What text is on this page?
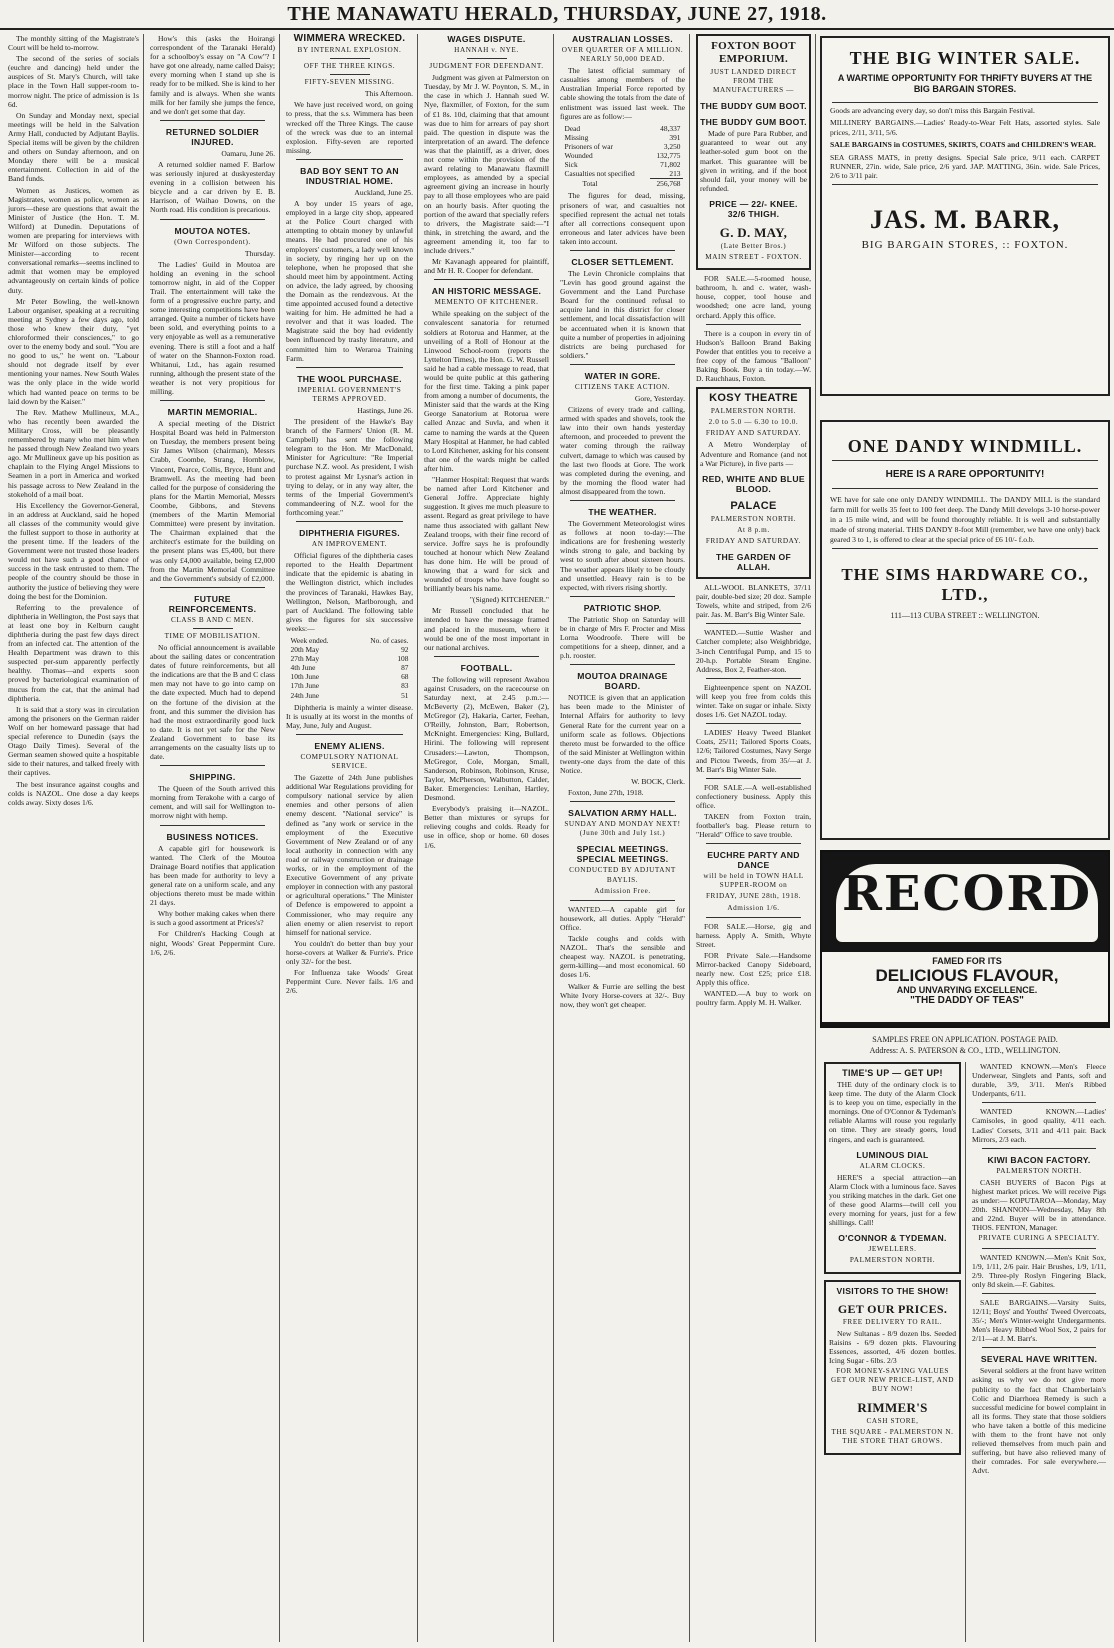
THE MANAWATU HERALD, THURSDAY, JUNE 27, 1918.

The monthly sitting of the Magistrate's Court will be held to-morrow.

The second of the series of socials (euchre and dancing) held under the auspices of St. Mary's Church, will take place in the Town Hall supper-room to-morrow night. The price of admission is 1s 6d.

On Sunday and Monday next, special meetings will be held in the Salvation Army Hall, conducted by Adjutant Baylis. Special items will be given by the children and others on Sunday afternoon, and on Monday there will be a musical entertainment. Collection in aid of the Band funds.

Women as Justices, women as Magistrates, women as police, women as jurors—these are questions that await the Minister of Justice (the Hon. T. M. Wilford) at Dunedin. Deputations of women are preparing for interviews with Mr Wilford on those subjects. The Minister—according to recent conversational remarks—seems inclined to admit that women may be employed advantageously on certain kinds of police duty.

Mr Peter Bowling, the well-known Labour organiser, speaking at a recruiting meeting at Sydney a few days ago, told those who knew their duty, "yet chloroformed their consciences," to go over to the enemy body and soul. "You are no good to us," he went on. "Labour should not degrade itself by ever mentioning your names. New South Wales was the only place in the wide world which had wanted peace on terms to be laid down by the Kaiser."

The Rev. Mathew Mullineux, M.A., who has recently been awarded the Military Cross, will be pleasantly remembered by many who met him when he passed through New Zealand two years ago. Mr Mullineux gave up his position as chaplain to the Flying Angel Missions to Seamen in a port in America and worked his passage across to New Zealand in the stokehold of a mail boat.

His Excellency the Governor-General, in an address at Auckland, said he hoped all classes of the community would give the fullest support to those in authority at the present time. If the leaders of the Government were not trusted those leaders would not have such a good chance of success in the task entrusted to them. The people of the country should be those in authority the justice of believing they were doing the best for the Dominion.

Referring to the prevalence of diphtheria in Wellington, the Post says that at least one boy in Kelburn caught diphtheria during the past few days direct from an infected cat. The attention of the Health Department was drawn to this suspected per-sum apparently perfectly healthy. Thomas—and experts soon proved by bacteriological examination of mucus from the cat, that the animal had diphtheria.

It is said that a story was in circulation among the prisoners on the German raider Wolf on her homeward passage that had special reference to Dunedin (says the Otago Daily Times). Several of the German seamen showed quite a hospitable side to their natures, and talked freely with their captives.

The best insurance against coughs and colds is NAZOL. One dose a day keeps colds away. Sixty doses 1/6.

How's this (asks the Hoirangi correspondent of the Taranaki Herald) for a schoolboy's essay on "A Cow"? I have got one already, name called Daisy; every morning when I stand up she is ready for to be milked. She is kind to her family and is always. When she wants milk for her family she jumps the fence, and we don't get some that day.

RETURNED SOLDIER INJURED.

Oamaru, June 26.

A returned soldier named F. Barlow was seriously injured at duskyesterday evening in a collision between his bicycle and a car driven by E. B. Harrison, of Waihao Downs, on the North road. His condition is precarious.

MOUTOA NOTES.
(Own Correspondent).

Thursday.

The Ladies' Guild in Moutoa are holding an evening in the school tomorrow night, in aid of the Copper Trail. The entertainment will take the form of a progressive euchre party, and some interesting competitions have been arranged. Quite a number of tickets have been sold, and everything points to a very enjoyable as well as a remunerative evening. There is still a foot and a half of water on the Shannon-Foxton road. Whitanui, Ltd., has again resumed running, although the present state of the weather is not very propitious for milling.

MARTIN MEMORIAL.

A special meeting of the District Hospital Board was held in Palmerston on Tuesday, the members present being Sir James Wilson (chairman), Messrs Crabb, Coombe, Strang, Hornblow, Vincent, Pearce, Collis, Bryce, Hunt and Bramwell. As the meeting had been called for the purpose of considering the plans for the Martin Memorial, Messrs Coombe, Gibbons, and Stevens (members of the Martin Memorial Committee) were present by invitation. The Chairman explained that the architect's estimate for the building on the present plans was £5,400, but there was only £4,000 available, being £2,000 from the Martin Memorial Committee and the Government's subsidy of £2,000.

FUTURE REINFORCEMENTS.
CLASS B AND C MEN.
TIME OF MOBILISATION.

No official announcement is available about the sailing dates or concentration dates of future reinforcements, but all the indications are that the B and C class men may not have to go into camp on the date expected. Much had to depend on the fortune of the division at the front, and this summer the division has had the most extraordinarily good luck to date. It is not yet safe for the New Zealand Government to base its arrangements on the casualty lists up to date.

SHIPPING.

The Queen of the South arrived this morning from Terakohe with a cargo of cement, and will sail for Wellington to-morrow night with hemp.

BUSINESS NOTICES.

A capable girl for housework is wanted. The Clerk of the Moutoa Drainage Board notifies that application has been made for authority to levy a general rate on a uniform scale, and any objections thereto must be made within 21 days.

Why bother making cakes when there is such a good assortment at Prices's?

For Children's Hacking Cough at night, Woods' Great Peppermint Cure. 1/6, 2/6.

WIMMERA WRECKED.
BY INTERNAL EXPLOSION.
OFF THE THREE KINGS.
FIFTY-SEVEN MISSING.

This Afternoon.

We have just received word, on going to press, that the s.s. Wimmera has been wrecked off the Three Kings. The cause of the wreck was due to an internal explosion. Fifty-seven are reported missing.

BAD BOY SENT TO AN INDUSTRIAL HOME.

Auckland, June 25.

A boy under 15 years of age, employed in a large city shop, appeared at the Police Court charged with attempting to obtain money by unlawful means. He had procured one of his employers' customers, a lady well known in society, by ringing her up on the telephone, when he proposed that she should meet him by appointment. Acting on advice, the lady agreed, by choosing the Domain as the rendezvous. At the time appointed accused found a detective waiting for him. He admitted he had a revolver and that it was loaded. The Magistrate said the boy had evidently been influenced by trashy literature, and committed him to Weraroa Training Farm.

THE WOOL PURCHASE.
IMPERIAL GOVERNMENT'S TERMS APPROVED.

Hastings, June 26.

The president of the Hawke's Bay branch of the Farmers' Union (R. M. Campbell) has sent the following telegram to the Hon. Mr MacDonald, Minister for Agriculture: "Re Imperial purchase N.Z. wool. As president, I wish to protest against Mr Lysnar's action in trying to delay, or in any way alter, the terms of the Imperial Government's commandeering of N.Z. wool for the forthcoming year."

DIPHTHERIA FIGURES.
AN IMPROVEMENT.

Official figures of the diphtheria cases reported to the Health Department indicate that the epidemic is abating in the Wellington district, which includes the provinces of Taranaki, Hawkes Bay, Wellington, Nelson, Marlborough, and part of Auckland. The following table gives the figures for six successive weeks:—

Week ended.	No. of cases.
20th May	92
27th May	108
4th June	87
10th June	68
17th June	83
24th June	51

Diphtheria is mainly a winter disease. It is usually at its worst in the months of May, June, July and August.

ENEMY ALIENS.
COMPULSORY NATIONAL SERVICE.

The Gazette of 24th June publishes additional War Regulations providing for compulsory national service by alien enemies and other persons of alien enemy descent. "National service" is defined as "any work or service in the employment of the Executive Government of New Zealand or of any local authority in connection with any road or railway construction or drainage works, or in the employment of the Executive Government of any private employer in connection with any pastoral or agricultural operations." The Minister of Defence is empowered to appoint a Commissioner, who may require any alien enemy or alien reservist to report himself for national service.

You couldn't do better than buy your horse-covers at Walker & Furrie's. Price only 32/- for the best.

For Influenza take Woods' Great Peppermint Cure. Never fails. 1/6 and 2/6.

WAGES DISPUTE.
HANNAH v. NYE.
JUDGMENT FOR DEFENDANT.

Judgment was given at Palmerston on Tuesday, by Mr J. W. Poynton, S. M., in the case in which J. Hannah sued W. Nye, flaxmiller, of Foxton, for the sum of £1 8s. 10d, claiming that that amount was due to him for arrears of pay short paid. The question in dispute was the interpretation of an award. The defence was that the plaintiff, as a driver, does not come within the provision of the award relating to Manawatu flaxmill employees, as amended by a special agreement giving an increase in hourly pay to all those employees who are paid on an hourly basis. After quoting the portion of the award that specially refers to drivers, the Magistrate said:—"I think, in stretching the award, and the agreement amending it, too far to include drivers."

Mr Kavanagh appeared for plaintiff, and Mr H. R. Cooper for defendant.

AN HISTORIC MESSAGE.
MEMENTO OF KITCHENER.

While speaking on the subject of the convalescent sanatoria for returned soldiers at Rotorua and Hanmer, at the unveiling of a Roll of Honour at the Linwood School-room (reports the Lyttelton Times), the Hon. G. W. Russell said he had a cable message to read, that would be quite public at this gathering for the first time. Taking a pink paper from among a number of documents, the Minister said that the wards at the King George Sanatorium at Rotorua were called Anzac and Suvla, and when it came to naming the wards at the Queen Mary Hospital at Hanmer, he had cabled to Lord Kitchener, asking for his consent that one of the wards might be called after him.

"Hanmer Hospital: Request that wards be named after Lord Kitchener and General Joffre. Appreciate highly suggestion. It gives me much pleasure to assent. Regard as great privilege to have name thus associated with gallant New Zealand troops, with their fine record of service. Joffre says he is profoundly touched at honour which New Zealand has done him. He will be proud of knowing that a ward for sick and wounded of troops who have fought so brilliantly bears his name.

"(Signed) KITCHENER."

Mr Russell concluded that he intended to have the message framed and placed in the museum, where it would be one of the most important in our national archives.

FOOTBALL.

The following will represent Awahou against Crusaders, on the racecourse on Saturday next, at 2.45 p.m.:—McBeverty (2), McEwen, Baker (2), McGregor (2), Hakaria, Carter, Feehan, O'Reilly, Johnston, Barr, Robertson, McKnight. Emergencies: King, Bullard, Hirini. The following will represent Crusaders:—Lawton, Thompson, McGregor, Cole, Morgan, Small, Sanderson, Robinson, Robinson, Kruse, Taylor, McPherson, Walbutton, Calder, Baker. Emergencies: Lenihan, Hartley, Desmond.

Everybody's praising it—NAZOL. Better than mixtures or syrups for relieving coughs and colds. Ready for use in office, shop or home. 60 doses 1/6.

AUSTRALIAN LOSSES.
OVER QUARTER OF A MILLION. NEARLY 50,000 DEAD.

The latest official summary of casualties among members of the Australian Imperial Force reported by cable showing the totals from the date of enlistment was issued last week. The figures are as follow:—

Dead	48,337
Missing	391
Prisoners of war	3,250
Wounded	132,775
Sick	71,802
Casualties not specified	213
Total	256,768

The figures for dead, missing, prisoners of war, and casualties not specified represent the actual net totals after all corrections consequent upon erroneous and later advices have been taken into account.

CLOSER SETTLEMENT.

The Levin Chronicle complains that "Levin has good ground against the Government and the Land Purchase Board for the continued refusal to acquire land in this district for closer settlement, and local dissatisfaction will be accentuated when it is known that quite a number of properties in adjoining districts are being purchased for soldiers."

WATER IN GORE.
CITIZENS TAKE ACTION.

Gore, Yesterday.

Citizens of every trade and calling, armed with spades and shovels, took the law into their own hands yesterday afternoon, and proceeded to prevent the water coming through the railway culvert, damage to which was caused by the last two floods at Gore. The work was completed during the evening, and by the morning the flood water had almost disappeared from the town.

THE WEATHER.

The Government Meteorologist wires as follows at noon to-day:—The indications are for freshening westerly winds strong to gale, and backing by west to south after about sixteen hours. The weather appears likely to be cloudy and unsettled. Heavy rain is to be expected, with rivers rising shortly.

PATRIOTIC SHOP.

The Patriotic Shop on Saturday will be in charge of Mrs F. Procter and Miss Lorna Woodroofe. There will be competitions for a sheep, dinner, and a p.h. rooster.

MOUTOA DRAINAGE BOARD.

NOTICE is given that an application has been made to the Minister of Internal Affairs for authority to levy General Rate for the current year on a uniform scale as follows. Objections thereto must be forwarded to the office of the said Minister at Wellington within twenty-one days from the date of this Notice.

W. BOCK, Clerk.

Foxton, June 27th, 1918.

SALVATION ARMY HALL.
SUNDAY AND MONDAY NEXT! (June 30th and July 1st.)
SPECIAL MEETINGS. SPECIAL MEETINGS.
CONDUCTED BY ADJUTANT BAYLIS.
Admission Free.

WANTED.—A capable girl for housework, all duties. Apply "Herald" Office.

Tackle coughs and colds with NAZOL. That's the sensible and cheapest way. NAZOL is penetrating, germ-killing—and most economical. 60 doses 1/6.

Walker & Furrie are selling the best White Ivory Horse-covers at 32/-. Buy now, they won't get cheaper.

FOXTON BOOT EMPORIUM.
JUST LANDED DIRECT FROM THE MANUFACTURERS —
THE BUDDY GUM BOOT.
THE BUDDY GUM BOOT.

Made of pure Para Rubber, and guaranteed to wear out any leather-soled gum boot on the market. This guarantee will be given in writing, and if the boot should fail, your money will be refunded.

PRICE — 22/- KNEE. 32/6 THIGH.
G. D. MAY,
(Late Better Bros.)
MAIN STREET - FOXTON.

FOR SALE.—5-roomed house, bathroom, h. and c. water, wash-house, copper, tool house and woodshed; one acre land, young orchard. Apply this office.

There is a coupon in every tin of Hudson's Balloon Brand Baking Powder that entitles you to receive a free copy of the famous "Balloon" Baking Book. Buy a tin today.—W. D. Rauchhaus, Foxton.

KOSY THEATRE
PALMERSTON NORTH.
2.0 to 5.0 — 6.30 to 10.0.
FRIDAY AND SATURDAY.

A Metro Wonderplay of Adventure and Romance (and not a War Picture), in five parts —

RED, WHITE AND BLUE BLOOD.
PALACE
PALMERSTON NORTH.
At 8 p.m.
FRIDAY AND SATURDAY.
THE GARDEN OF ALLAH.

ALL-WOOL BLANKETS, 37/11 pair, double-bed size; 20 doz. Sample Towels, white and striped, from 2/6 pair. Jas. M. Barr's Big Winter Sale.

WANTED.—Suttie Washer and Catcher complete; also Weighbridge, 3-inch Centrifugal Pump, and 15 to 20-h.p. Portable Steam Engine. Address, Box 2, Feather-ston.

Eighteenpence spent on NAZOL will keep you free from colds this winter. Take on sugar or inhale. Sixty doses 1/6. Get NAZOL today.

LADIES' Heavy Tweed Blanket Coats, 25/11; Tailored Sports Coats, 12/6; Tailored Costumes, Navy Serge and Pictou Tweeds, from 35/—at J. M. Barr's Big Winter Sale.

FOR SALE.—A well-established confectionery business. Apply this office.

TAKEN from Foxton train, footballer's bag. Please return to "Herald" Office to save trouble.

EUCHRE PARTY AND DANCE
will be held in TOWN HALL SUPPER-ROOM on
FRIDAY, JUNE 28th, 1918.
Admission 1/6.

FOR SALE.—Horse, gig and harness. Apply A. Smith, Whyte Street.

FOR Private Sale.—Handsome Mirror-backed Canopy Sideboard, nearly new. Cost £25; price £18. Apply this office.

WANTED.—A buy to work on poultry farm. Apply M. H. Walker.

THE BIG WINTER SALE.
A WARTIME OPPORTUNITY FOR THRIFTY BUYERS AT THE BIG BARGAIN STORES.
Goods are advancing every day, so don't miss this Bargain Festival.
MILLINERY BARGAINS.—Ladies' Ready-to-Wear Felt Hats, assorted styles. Sale prices, 2/11, 3/11, 5/6.
SALE BARGAINS in COSTUMES, SKIRTS, COATS and CHILDREN'S WEAR.
SEA GRASS MATS, in pretty designs. Special Sale price, 9/11 each. CARPET RUNNER, 27in. wide, Sale price, 2/6 yard. JAP. MATTING, 36in. wide. Sale Prices, 2/6 to 3/11 pair.
JAS. M. BARR,
BIG BARGAIN STORES, :: FOXTON.
ONE DANDY WINDMILL.
HERE IS A RARE OPPORTUNITY!
WE have for sale one only DANDY WINDMILL. The DANDY MILL is the standard farm mill for wells 35 feet to 100 feet deep. The Dandy Mill develops 3-10 horse-power in a 15 mile wind, and will be found thoroughly reliable. It is well and substantially made of strong material. THIS DANDY 8-foot Mill (remember, we have one only) back geared 3 to 1, is offered to clear at the special price of £6 10/- f.o.b.
THE SIMS HARDWARE CO., LTD.,
111—113 CUBA STREET :: WELLINGTON.
RECORD
TEA
FAMED FOR ITS
DELICIOUS FLAVOUR,
AND UNVARYING EXCELLENCE.
"THE DADDY OF TEAS"
SAMPLES FREE ON APPLICATION. POSTAGE PAID.
Address: A. S. PATERSON & CO., LTD., WELLINGTON.
TIME'S UP — GET UP!

THE duty of the ordinary clock is to keep time. The duty of the Alarm Clock is to keep you on time, especially in the mornings. One of O'Connor & Tydeman's reliable Alarms will rouse you regularly on time. They are steady goers, loud ringers, and each is guaranteed.

LUMINOUS DIAL
ALARM CLOCKS.

HERE'S a special attraction—an Alarm Clock with a luminous face. Saves you striking matches in the dark. Get one of these good Alarms—twill cell you every morning for years, just for a few shillings. Call!

O'CONNOR & TYDEMAN.
JEWELLERS.
PALMERSTON NORTH.
VISITORS TO THE SHOW!
GET OUR PRICES.
FREE DELIVERY TO RAIL.

New Sultanas - 8/9 dozen lbs. Seeded Raisins - 6/9 dozen pkts. Flavouring Essences, assorted, 4/6 dozen bottles. Icing Sugar - 6lbs. 2/3

FOR MONEY-SAVING VALUES GET OUR NEW PRICE-LIST, AND BUY NOW!
RIMMER'S
CASH STORE,
THE SQUARE - PALMERSTON N. THE STORE THAT GROWS.

WANTED KNOWN.—Men's Fleece Underwear, Singlets and Pants, soft and durable, 3/9, 3/11. Men's Ribbed Underpants, 6/11.

WANTED KNOWN.—Ladies' Camisoles, in good quality, 4/11 each. Ladies' Corsets, 3/11 and 4/11 pair. Back Mirrors, 2/3 each.

KIWI BACON FACTORY.
PALMERSTON NORTH.

CASH BUYERS of Bacon Pigs at highest market prices. We will receive Pigs as under:— KOPUTAROA—Monday, May 20th. SHANNON—Wednesday, May 8th and 22nd. Buyer will be in attendance. THOS. FENTON, Manager.

PRIVATE CURING A SPECIALTY.

WANTED KNOWN.—Men's Knit Sox, 1/9, 1/11, 2/6 pair. Hair Brushes, 1/9, 1/11, 2/9. Three-ply Roslyn Fingering Black, only 8d skein.—F. Gabites.

SALE BARGAINS.—Varsity Suits, 12/11; Boys' and Youths' Tweed Overcoats, 35/-; Men's Winter-weight Undergarments. Men's Heavy Ribbed Wool Sox, 2 pairs for 2/11—at J. M. Barr's.

SEVERAL HAVE WRITTEN.

Several soldiers at the front have written asking us why we do not give more publicity to the fact that Chamberlain's Colic and Diarrhoea Remedy is such a successful medicine for bowel complaint in all its forms. They state that those soldiers who have taken a bottle of this medicine with them to the front have not only relieved themselves from much pain and suffering, but have also relieved many of their comrades. For sale everywhere.—Advt.
